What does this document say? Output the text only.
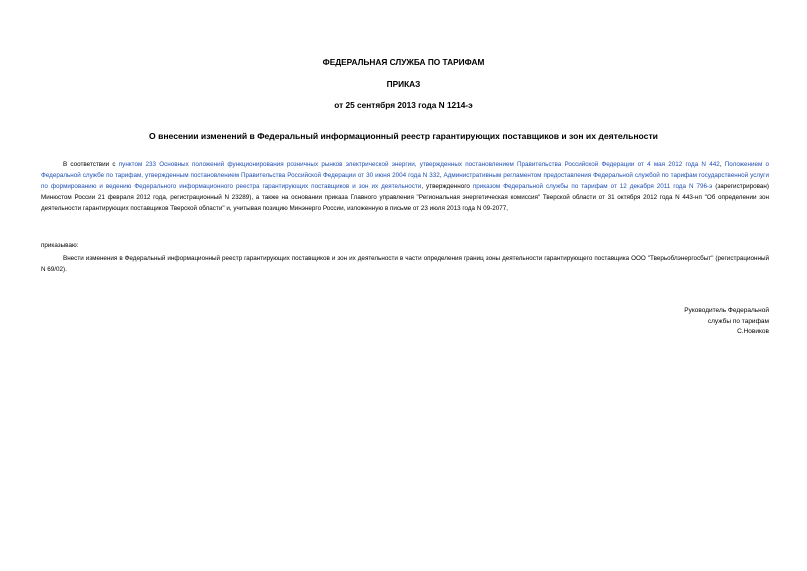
ФЕДЕРАЛЬНАЯ СЛУЖБА ПО ТАРИФАМ
ПРИКАЗ
от 25 сентября 2013 года N 1214-э
О внесении изменений в Федеральный информационный реестр гарантирующих поставщиков и зон их деятельности
В соответствии с пунктом 233 Основных положений функционирования розничных рынков электрической энергии, утвержденных постановлением Правительства Российской Федерации от 4 мая 2012 года N 442, Положением о Федеральной службе по тарифам, утвержденным постановлением Правительства Российской Федерации от 30 июня 2004 года N 332, Административным регламентом предоставления Федеральной службой по тарифам государственной услуги по формированию и ведению Федерального информационного реестра гарантирующих поставщиков и зон их деятельности, утвержденного приказом Федеральной службы по тарифам от 12 декабря 2011 года N 796-э (зарегистрирован) Минюстом России 21 февраля 2012 года, регистрационный N 23289), а также на основании приказа Главного управления "Региональная энергетическая комиссия" Тверской области от 31 октября 2012 года N 443-нп "Об определении зон деятельности гарантирующих поставщиков Тверской области" и, учитывая позицию Минэнерго России, изложенную в письме от 23 июля 2013 года N 09-2077,
приказываю:
Внести изменения в Федеральный информационный реестр гарантирующих поставщиков и зон их деятельности в части определения границ зоны деятельности гарантирующего поставщика ООО "Тверьоблэнергосбыт" (регистрационный N 69/02).
Руководитель Федеральной
службы по тарифам
С.Новиков
